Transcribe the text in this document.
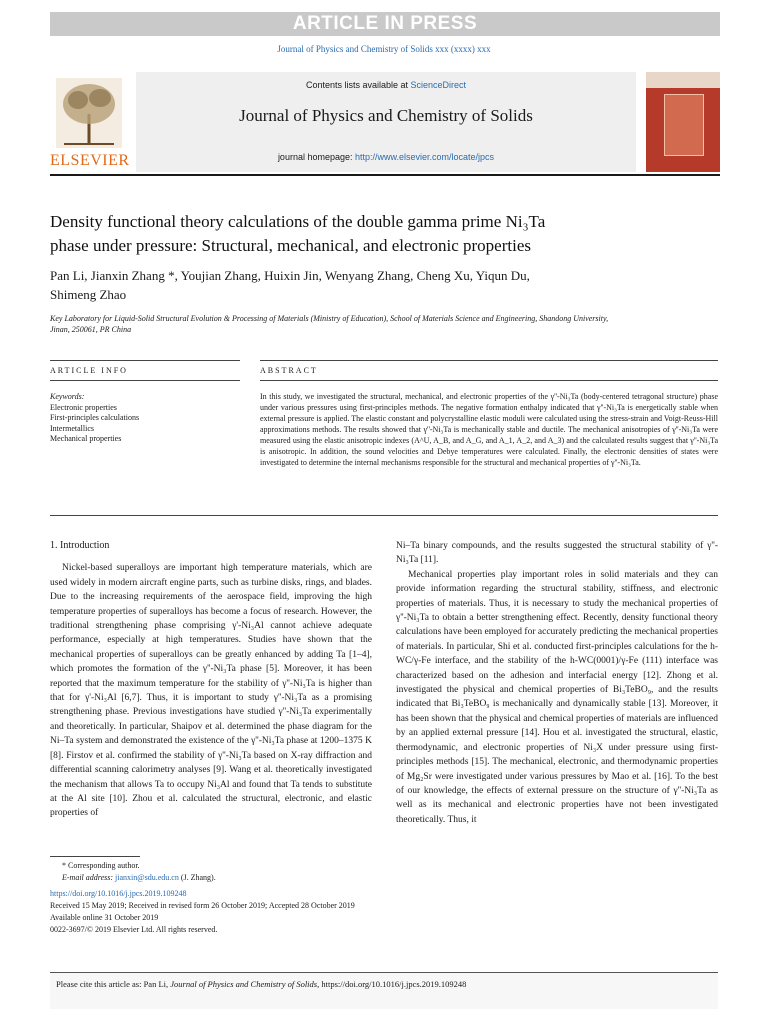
ARTICLE IN PRESS
Journal of Physics and Chemistry of Solids xxx (xxxx) xxx
ELSEVIER
Contents lists available at ScienceDirect
Journal of Physics and Chemistry of Solids
journal homepage: http://www.elsevier.com/locate/jpcs
Density functional theory calculations of the double gamma prime Ni₃Ta
phase under pressure: Structural, mechanical, and electronic properties
Pan Li, Jianxin Zhang *, Youjian Zhang, Huixin Jin, Wenyang Zhang, Cheng Xu, Yiqun Du,
Shimeng Zhao
Key Laboratory for Liquid-Solid Structural Evolution & Processing of Materials (Ministry of Education), School of Materials Science and Engineering, Shandong University, Jinan, 250061, PR China
ARTICLE INFO	ABSTRACT
Keywords:
Electronic properties
First-principles calculations
Intermetallics
Mechanical properties
In this study, we investigated the structural, mechanical, and electronic properties of the γ''-Ni₃Ta (body-centered tetragonal structure) phase under various pressures using first-principles methods. The negative formation enthalpy indicated that γ''-Ni₃Ta is energetically stable when external pressure is applied. The elastic constant and polycrystalline elastic moduli were calculated using the stress-strain and Voigt-Reuss-Hill approximations methods. The results showed that γ''-Ni₃Ta is mechanically stable and ductile. The mechanical anisotropies of γ''-Ni₃Ta were measured using the elastic anisotropic indexes (A^U, A_B, and A_G, and A_1, A_2, and A_3) and the calculated results suggest that γ''-Ni₃Ta is anisotropic. In addition, the sound velocities and Debye temperatures were calculated. Finally, the electronic densities of states were investigated to determine the internal mechanisms responsible for the structural and mechanical properties of γ''-Ni₃Ta.
1. Introduction

Nickel-based superalloys are important high temperature materials, which are used widely in modern aircraft engine parts, such as turbine disks, rings, and blades. Due to the increasing requirements of the aerospace field, improving the high temperature properties of superalloys has become a focus of research. However, the traditional strengthening phase comprising γ'-Ni₃Al cannot achieve adequate performance, especially at high temperatures. Studies have shown that the mechanical properties of superalloys can be greatly enhanced by adding Ta [1–4], which promotes the formation of the γ''-Ni₃Ta phase [5]. Moreover, it has been reported that the maximum temperature for the stability of γ''-Ni₃Ta is higher than that for γ'-Ni₃Al [6,7]. Thus, it is important to study γ''-Ni₃Ta as a promising strengthening phase. Previous investigations have studied γ''-Ni₃Ta experimentally and theoretically. In particular, Shaipov et al. determined the phase diagram for the Ni–Ta system and demonstrated the existence of the γ''-Ni₃Ta phase at 1200–1375 K [8]. Firstov et al. confirmed the stability of γ''-Ni₃Ta based on X-ray diffraction and differential scanning calorimetry analyses [9]. Wang et al. theoretically investigated the mechanism that allows Ta to occupy Ni₃Al and found that Ta tends to substitute at the Al site [10]. Zhou et al. calculated the structural, electronic, and elastic properties of

Ni–Ta binary compounds, and the results suggested the structural stability of γ''-Ni₃Ta [11].

Mechanical properties play important roles in solid materials and they can provide information regarding the structural stability, stiffness, and electronic properties of materials. Thus, it is necessary to study the mechanical properties of γ''-Ni₃Ta to obtain a better strengthening effect. Recently, density functional theory calculations have been employed for accurately predicting the mechanical properties of materials. In particular, Shi et al. conducted first-principles calculations for the h-WC/γ-Fe interface, and the stability of the h-WC(0001)/γ-Fe (111) interface was characterized based on the adhesion and interfacial energy [12]. Zhong et al. investigated the physical and chemical properties of Bi₃TeBO₉, and the results indicated that Bi₃TeBO₉ is mechanically and dynamically stable [13]. Moreover, it has been shown that the physical and chemical properties of materials are influenced by an applied external pressure [14]. Hou et al. investigated the structural, elastic, thermodynamic, and electronic properties of Ni₃X under pressure using first-principles methods [15]. The mechanical, electronic, and thermodynamic properties of Mg₂Sr were investigated under various pressures by Mao et al. [16]. To the best of our knowledge, the effects of external pressure on the structure of γ''-Ni₃Ta as well as its mechanical and electronic properties have not been investigated theoretically. Thus, it

* Corresponding author.
E-mail address: jianxin@sdu.edu.cn (J. Zhang).
https://doi.org/10.1016/j.jpcs.2019.109248
Received 15 May 2019; Received in revised form 26 October 2019; Accepted 28 October 2019
Available online 31 October 2019
0022-3697/© 2019 Elsevier Ltd. All rights reserved.
Please cite this article as: Pan Li, Journal of Physics and Chemistry of Solids, https://doi.org/10.1016/j.jpcs.2019.109248
